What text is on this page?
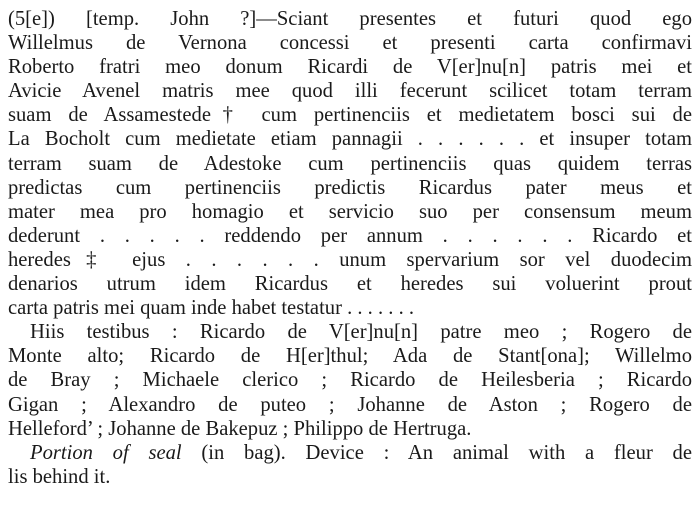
(5[e]) [temp. John ?]—Sciant presentes et futuri quod ego
Willelmus de Vernona concessi et presenti carta confirmavi
Roberto fratri meo donum Ricardi de V[er]nu[n] patris mei et
Avicie Avenel matris mee quod illi fecerunt scilicet totam terram
suam de Assamestede† cum pertinenciis et medietatem bosci sui de
La Bocholt cum medietate etiam pannagii . . . . . . et insuper totam
terram suam de Adestoke cum pertinenciis quas quidem terras
predictas cum pertinenciis predictis Ricardus pater meus et
mater mea pro homagio et servicio suo per consensum meum
dederunt . . . . . reddendo per annum . . . . . . Ricardo et
heredes‡ ejus . . . . . . unum spervarium sor vel duodecim
denarios utrum idem Ricardus et heredes sui voluerint prout
carta patris mei quam inde habet testatur . . . . . . .
Hiis testibus : Ricardo de V[er]nu[n] patre meo ; Rogero de
Monte alto; Ricardo de H[er]thul; Ada de Stant[ona]; Willelmo
de Bray ; Michaele clerico ; Ricardo de Heilesberia ; Ricardo
Gigan ; Alexandro de puteo ; Johanne de Aston ; Rogero de
Helleford’ ; Johanne de Bakepuz ; Philippo de Hertruga.
Portion of seal (in bag). Device : An animal with a fleur de
lis behind it.
